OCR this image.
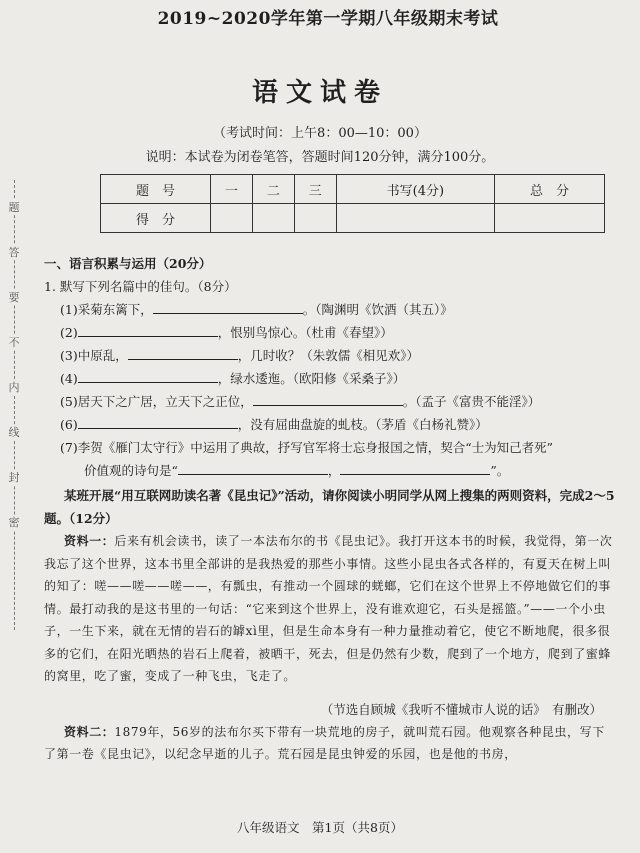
题
答
要
不
内
线
封
密
2019~2020学年第一学期八年级期末考试
语文试卷
（考试时间：上午8：00—10：00）
说明：本试卷为闭卷笔答，答题时间120分钟，满分100分。
题　号	一	二	三	书写(4分)	总　分
得　分					

一、语言积累与运用（20分）

1. 默写下列名篇中的佳句。（8分）

(1)采菊东篱下，	。（陶渊明《饮酒（其五）》

(2)	，恨别鸟惊心。（杜甫《春望》）

(3)中原乱，	，几时收？（朱敦儒《相见欢》）

(4)	，绿水逶迤。（欧阳修《采桑子》）

(5)居天下之广居，立天下之正位，	。（孟子《富贵不能淫》）

(6)	，没有屈曲盘旋的虬枝。（茅盾《白杨礼赞》）

(7)李贺《雁门太守行》中运用了典故，抒写官军将士忘身报国之情，契合“士为知己者死”

价值观的诗句是“	，	”。

某班开展“用互联网助读名著《昆虫记》”活动，请你阅读小明同学从网上搜集的两则资料，完成2～5题。（12分）

资料一：后来有机会读书，读了一本法布尔的书《昆虫记》。我打开这本书的时候，我觉得，第一次我忘了这个世界，这本书里全部讲的是我热爱的那些小事情。这些小昆虫各式各样的，有夏天在树上叫的知了：嗟——嗟——嗟——，有瓢虫，有推动一个圆球的蜣螂，它们在这个世界上不停地做它们的事情。最打动我的是这书里的一句话：“它来到这个世界上，没有谁欢迎它，石头是摇篮。”——一个小虫子，一生下来，就在无情的岩石的罅xì里，但是生命本身有一种力量推动着它，使它不断地爬，很多很多的它们，在阳光晒热的岩石上爬着，被晒干，死去，但是仍然有少数，爬到了一个地方，爬到了蜜蜂的窝里，吃了蜜，变成了一种飞虫，飞走了。

（节选自顾城《我听不懂城市人说的话》　有删改）

资料二：1879年，56岁的法布尔买下带有一块荒地的房子，就叫荒石园。他观察各种昆虫，写下了第一卷《昆虫记》，以纪念早逝的儿子。荒石园是昆虫钟爱的乐园，也是他的书房，

八年级语文　第1页（共8页）
